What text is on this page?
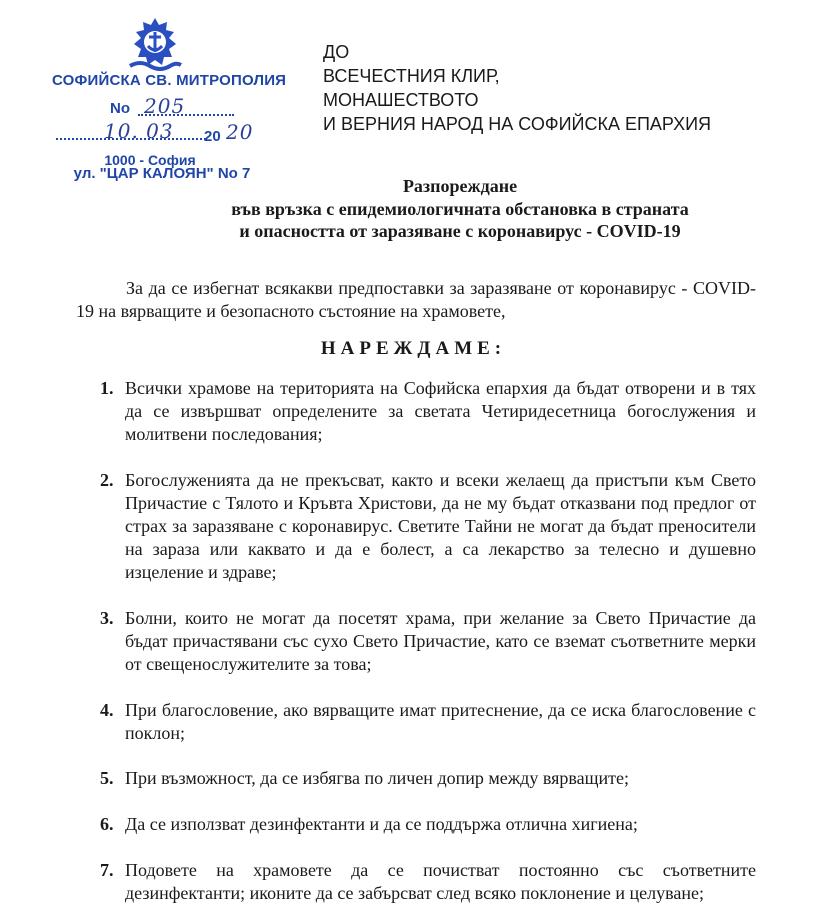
СОФИЙСКА СВ. МИТРОПОЛИЯ
No 205
10. 03 20 20
1000 - София
ул. "ЦАР КАЛОЯН" No 7
ДО
ВСЕЧЕСТНИЯ КЛИР,
МОНАШЕСТВОТО
И ВЕРНИЯ НАРОД НА СОФИЙСКА ЕПАРХИЯ
Разпореждане
във връзка с епидемиологичната обстановка в страната
и опасността от заразяване с коронавирус - COVID-19
За да се избегнат всякакви предпоставки за заразяване от коронавирус - COVID-19 на вярващите и безопасното състояние на храмовете,
НАРЕЖДАМЕ:
1. Всички храмове на територията на Софийска епархия да бъдат отворени и в тях да се извършват определените за светата Четиридесетница богослужения и молитвени последования;
2. Богослуженията да не прекъсват, както и всеки желаещ да пристъпи към Свето Причастие с Тялото и Кръвта Христови, да не му бъдат отказвани под предлог от страх за заразяване с коронавирус. Светите Тайни не могат да бъдат преносители на зараза или каквато и да е болест, а са лекарство за телесно и душевно изцеление и здраве;
3. Болни, които не могат да посетят храма, при желание за Свето Причастие да бъдат причастявани със сухо Свето Причастие, като се вземат съответните мерки от свещенослужителите за това;
4. При благословение, ако вярващите имат притеснение, да се иска благословение с поклон;
5. При възможност, да се избягва по личен допир между вярващите;
6. Да се използват дезинфектанти и да се поддържа отлична хигиена;
7. Подовете на храмовете да се почистват постоянно със съответните дезинфектанти; иконите да се забърсват след всяко поклонение и целуване;
